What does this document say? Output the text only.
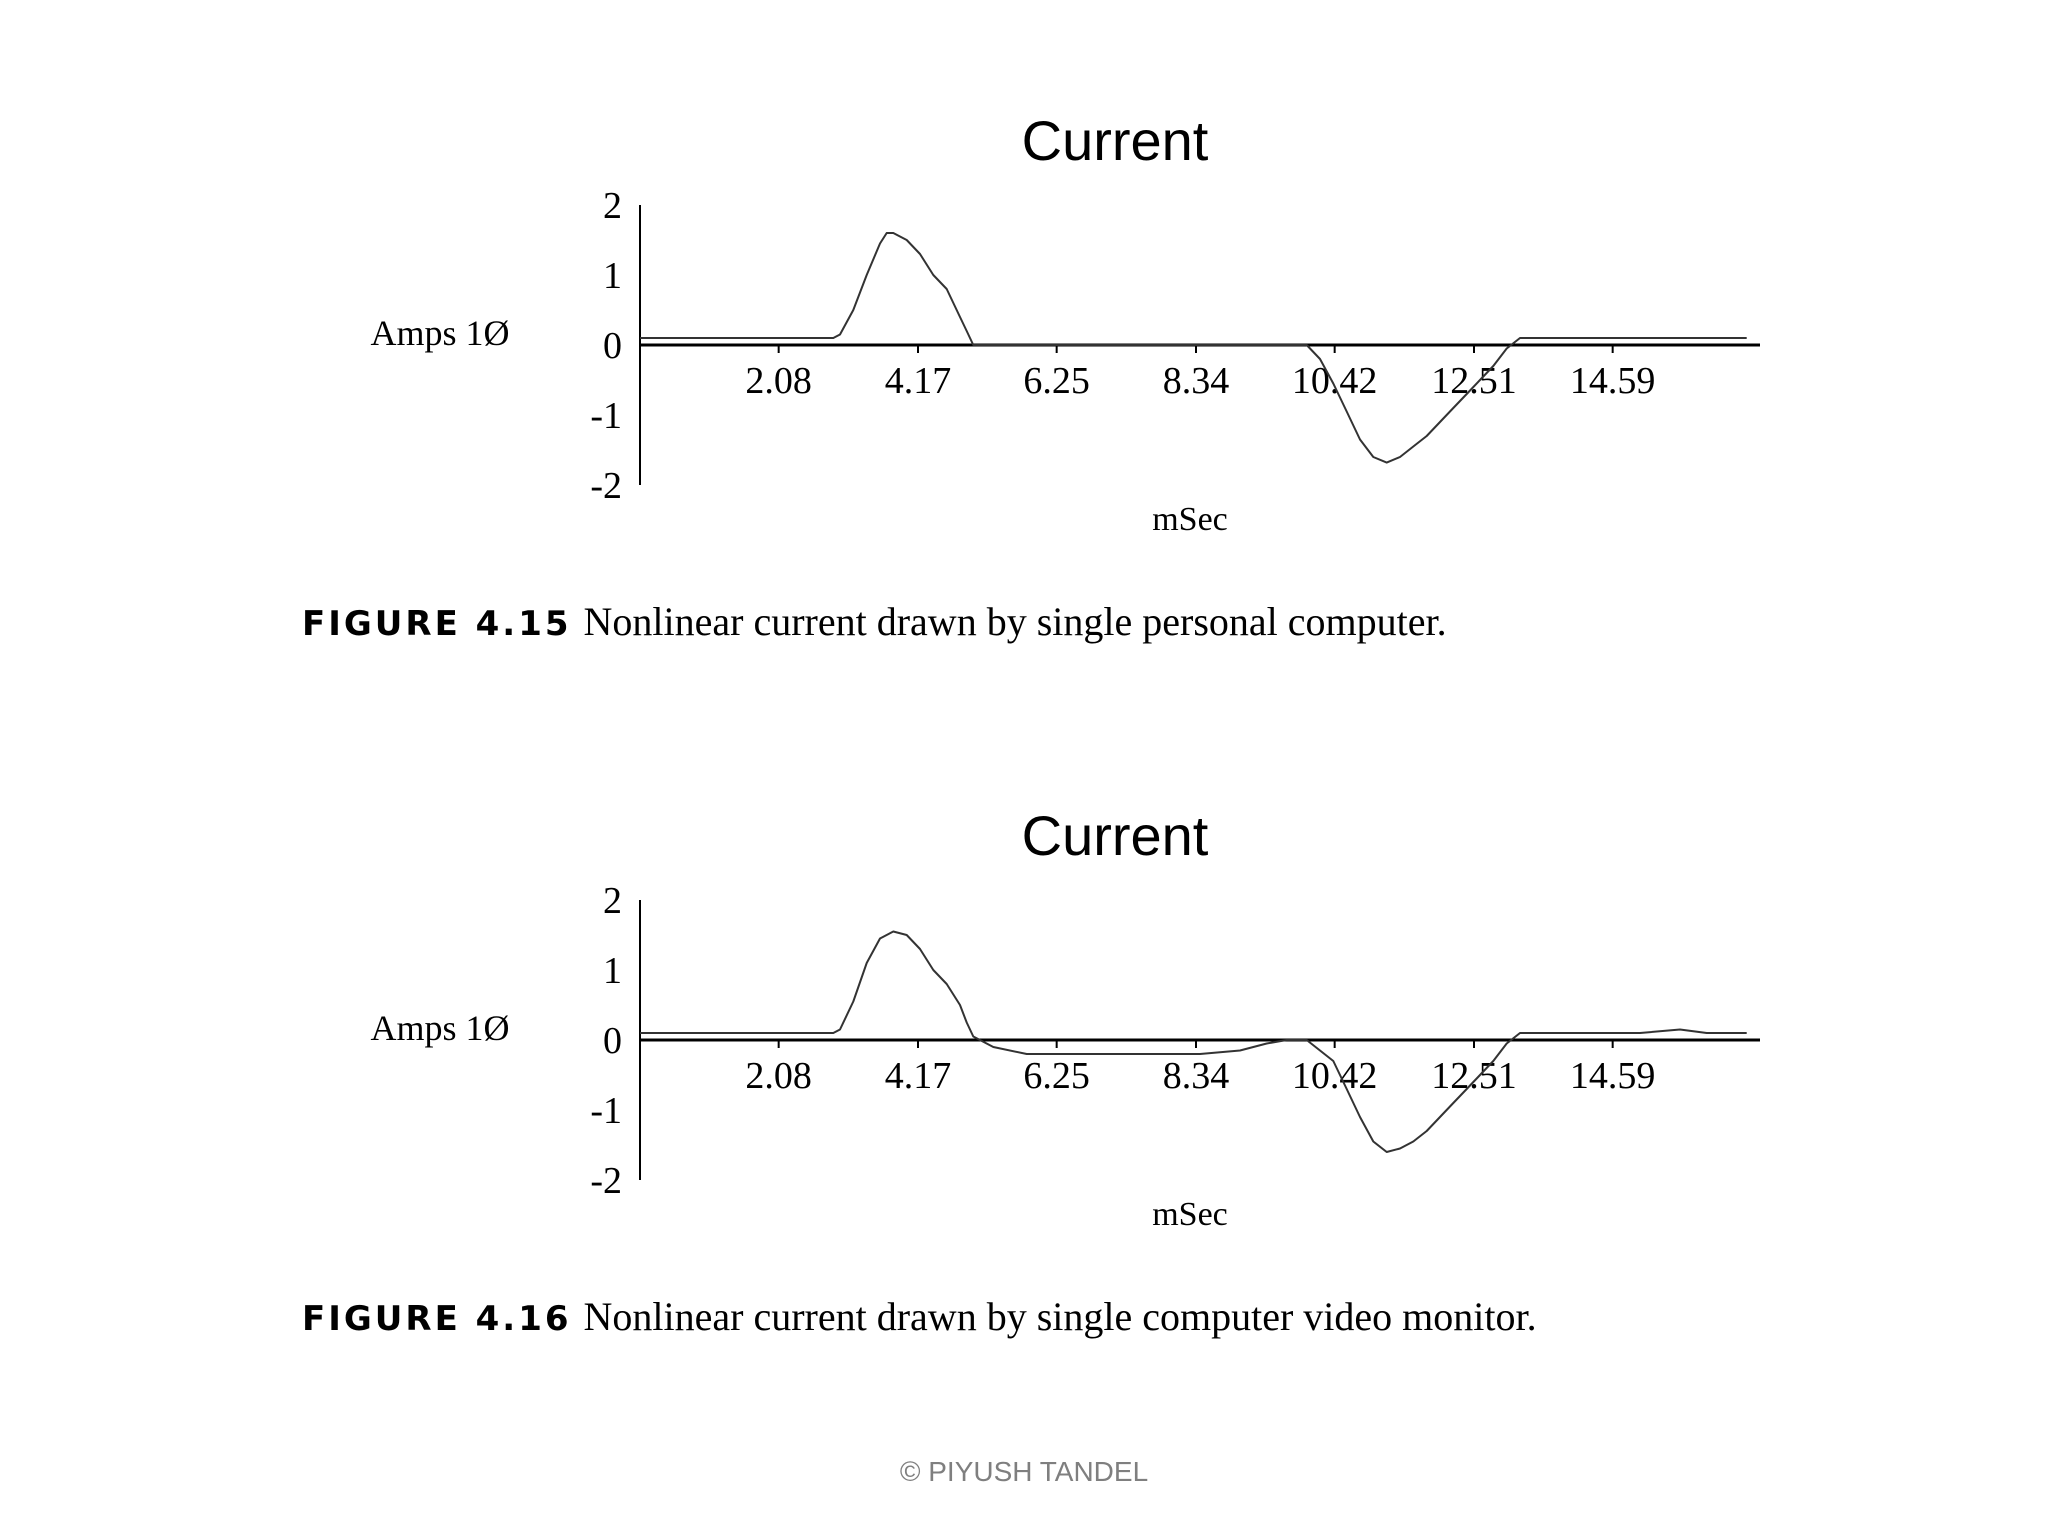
Current
2
1
0
-1
-2
2.08 4.17 6.25 8.34 10.42 12.51 14.59
Amps 1Ø
mSec
FIGURE 4.15 Nonlinear current drawn by single personal computer.
Current
2
1
0
-1
-2
2.08 4.17 6.25 8.34 10.42 12.51 14.59
Amps 1Ø
mSec
FIGURE 4.16 Nonlinear current drawn by single computer video monitor.
© PIYUSH TANDEL
